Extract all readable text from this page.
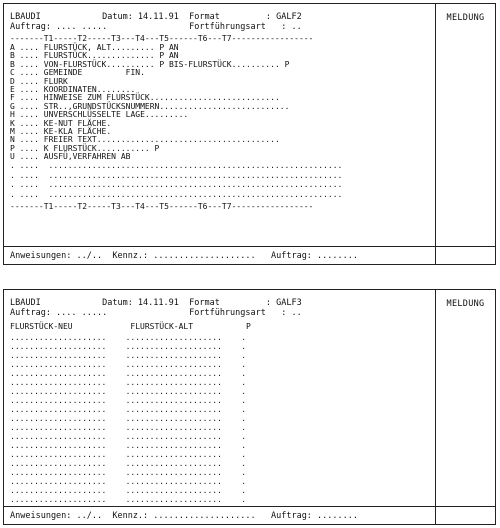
LBAUDI            Datum: 14.11.91  Format         : GALF2
Auftrag: .... .....                Fortführungsart   : ..
-------T1-----T2-----T3---T4---T5------T6---T7-----------------
A .... FLURSTÜCK, ALT......... P AN
B .... FLURSTÜCK.............. P AN
B .... VON-FLURSTÜCK.......... P BIS-FLURSTÜCK.......... P
C .... GEMEINDE         FIN.
D .... FLURK
E .... KOORDINATEN........
F .... HINWEISE ZUM FLURSTÜCK...........................
G .... STR..,GRUNDSTÜCKSNUMMERN...........................
H .... UNVERSCHLÜSSELTE LAGE.........
K .... KE-NUT FLÄCHE.
M .... KE-KLA FLÄCHE.
N .... FREIER TEXT......................................
P .... K FLURSTÜCK........... P
U .... AUSFÜ,VERFAHREN AB
. ....  .............................................................
. ....  .............................................................
. ....  .............................................................
. ....  .............................................................
-------T1-----T2-----T3---T4---T5------T6---T7-----------------
MELDUNG
Anweisungen: ../..  Kennz.: ....................   Auftrag: ........
LBAUDI            Datum: 14.11.91  Format         : GALF3
Auftrag: .... .....                Fortführungsart   : ..
FLURSTÜCK-NEU            FLURSTÜCK-ALT           P
....................    ....................    .
....................    ....................    .
....................    ....................    .
....................    ....................    .
....................    ....................    .
....................    ....................    .
....................    ....................    .
....................    ....................    .
....................    ....................    .
....................    ....................    .
....................    ....................    .
....................    ....................    .
....................    ....................    .
....................    ....................    .
....................    ....................    .
....................    ....................    .
....................    ....................    .
....................    ....................    .
....................    ....................    .
MELDUNG
Anweisungen: ../..  Kennz.: ....................   Auftrag: ........
